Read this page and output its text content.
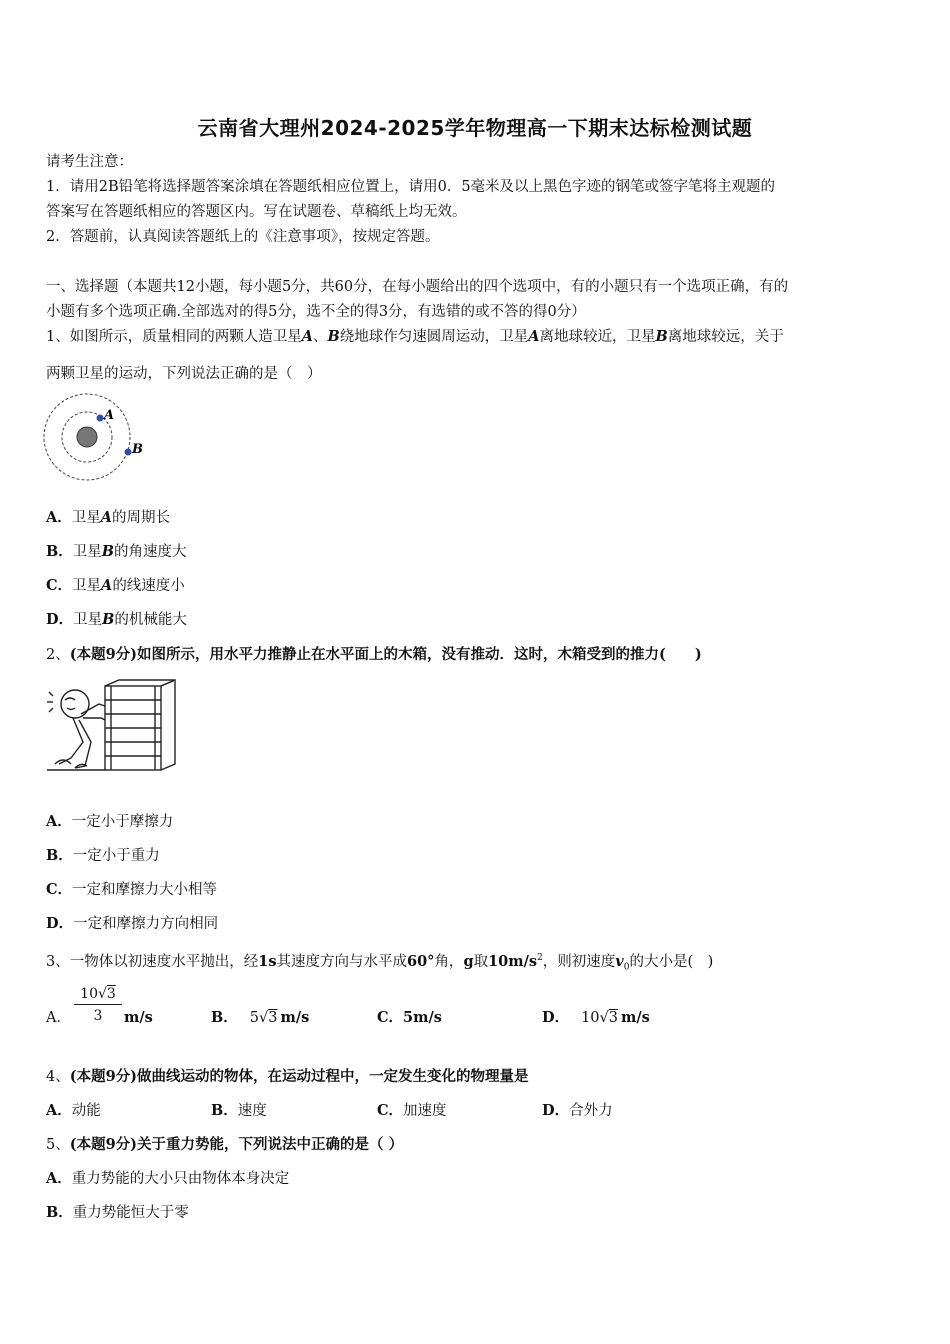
云南省大理州2024-2025学年物理高一下期末达标检测试题
请考生注意：
1．请用2B铅笔将选择题答案涂填在答题纸相应位置上，请用0．5毫米及以上黑色字迹的钢笔或签字笔将主观题的
答案写在答题纸相应的答题区内。写在试题卷、草稿纸上均无效。
2．答题前，认真阅读答题纸上的《注意事项》，按规定答题。
一、选择题（本题共12小题，每小题5分，共60分，在每小题给出的四个选项中，有的小题只有一个选项正确，有的
小题有多个选项正确.全部选对的得5分，选不全的得3分，有选错的或不答的得0分）
1、如图所示，质量相同的两颗人造卫星A、B绕地球作匀速圆周运动，卫星A离地球较近，卫星B离地球较远，关于
两颗卫星的运动，下列说法正确的是（　）
A
B
A．卫星A的周期长
B．卫星B的角速度大
C．卫星A的线速度小
D．卫星B的机械能大
2、(本题9分)如图所示，用水平力推静止在水平面上的木箱，没有推动．这时，木箱受到的推力(　　)
A．一定小于摩擦力
B．一定小于重力
C．一定和摩擦力大小相等
D．一定和摩擦力方向相同
3、一物体以初速度水平抛出，经1s其速度方向与水平成60°角，g取$10m/s^2$，则初速度$v_0$的大小是(　)
A． $\frac{10√3}{3} m/s$	B． 5√3 m/s	C．5m/s	D． 10√3 m/s
4、(本题9分)做曲线运动的物体，在运动过程中，一定发生变化的物理量是
A．动能	B．速度	C．加速度	D．合外力
5、(本题9分)关于重力势能，下列说法中正确的是（ ）
A．重力势能的大小只由物体本身决定
B．重力势能恒大于零
